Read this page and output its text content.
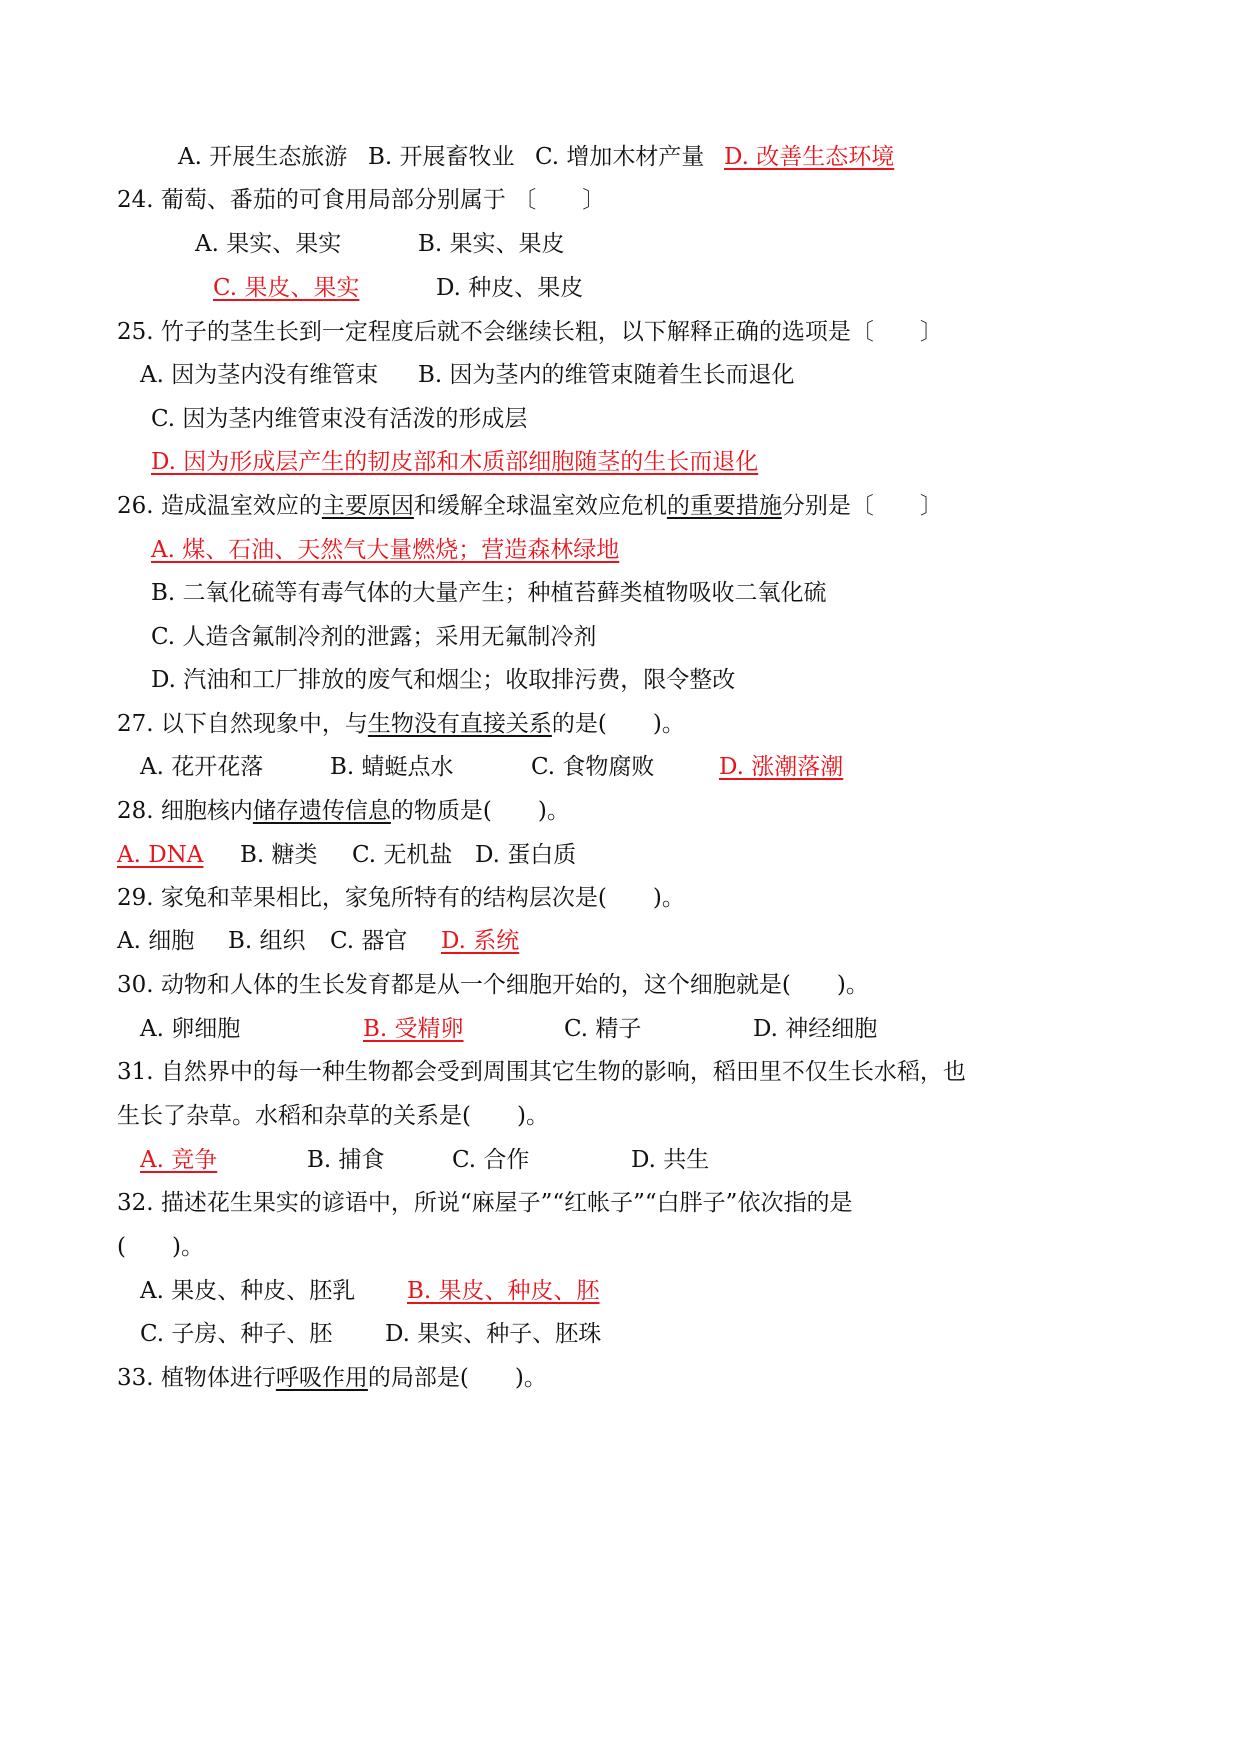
A. 开展生态旅游 B. 开展畜牧业 C. 增加木材产量 D. 改善生态环境
24. 葡萄、番茄的可食用局部分别属于 〔　　〕
A. 果实、果实	B. 果实、果皮
C. 果皮、果实	D. 种皮、果皮
25. 竹子的茎生长到一定程度后就不会继续长粗，以下解释正确的选项是〔　　〕
A. 因为茎内没有维管束 B. 因为茎内的维管束随着生长而退化
C. 因为茎内维管束没有活泼的形成层
D. 因为形成层产生的韧皮部和木质部细胞随茎的生长而退化
26. 造成温室效应的主要原因和缓解全球温室效应危机的重要措施分别是〔　　〕
A. 煤、石油、天然气大量燃烧；营造森林绿地
B. 二氧化硫等有毒气体的大量产生；种植苔藓类植物吸收二氧化硫
C. 人造含氟制冷剂的泄露；采用无氟制冷剂
D. 汽油和工厂排放的废气和烟尘；收取排污费，限令整改
27. 以下自然现象中，与生物没有直接关系的是(　　)。
A. 花开花落	B. 蜻蜓点水	C. 食物腐败	D. 涨潮落潮
28. 细胞核内储存遗传信息的物质是(　　)。
A. DNA B. 糖类 C. 无机盐 D. 蛋白质
29. 家兔和苹果相比，家兔所特有的结构层次是(　　)。
A. 细胞 B. 组织 C. 器官 D. 系统
30. 动物和人体的生长发育都是从一个细胞开始的，这个细胞就是(　　)。
A. 卵细胞	B. 受精卵	C. 精子	D. 神经细胞
31. 自然界中的每一种生物都会受到周围其它生物的影响，稻田里不仅生长水稻，也
生长了杂草。水稻和杂草的关系是(　　)。
A. 竞争	B. 捕食	C. 合作	D. 共生
32. 描述花生果实的谚语中，所说“麻屋子”“红帐子”“白胖子”依次指的是
(　　)。
A. 果皮、种皮、胚乳 B. 果皮、种皮、胚
C. 子房、种子、胚 D. 果实、种子、胚珠
33. 植物体进行呼吸作用的局部是(　　)。
